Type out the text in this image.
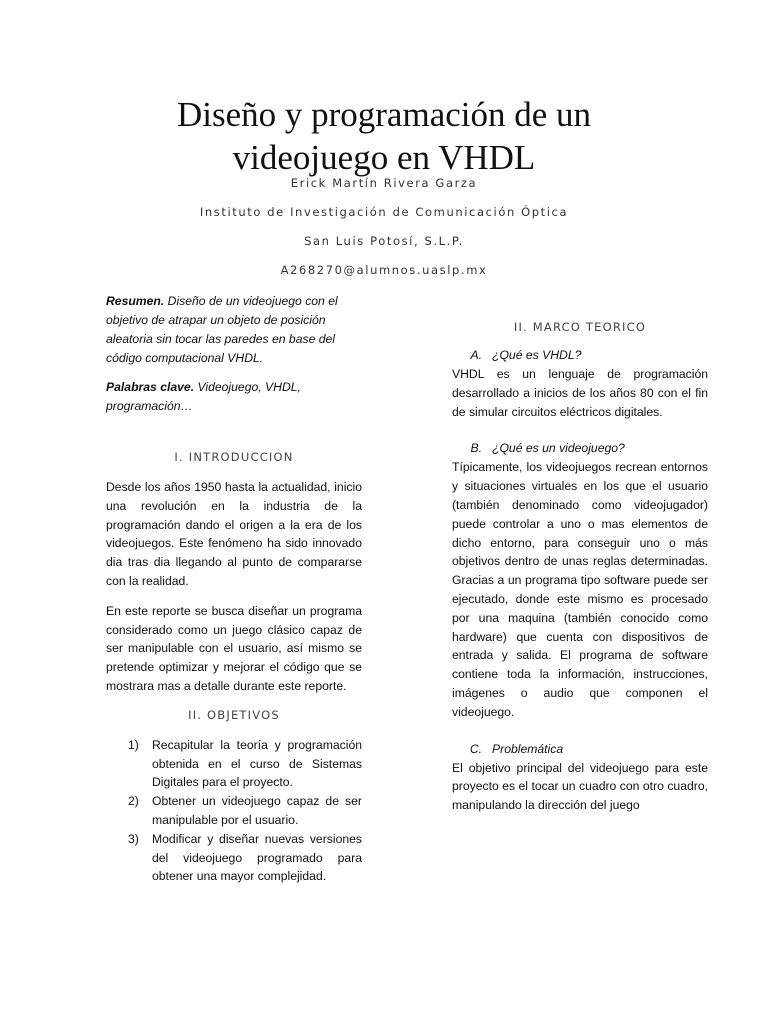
Diseño y programación de un
videojuego en VHDL
Erick Martín Rivera Garza
Instituto de Investigación de Comunicación Óptica
San Luis Potosí, S.L.P.
A268270@alumnos.uaslp.mx

Resumen. Diseño de un videojuego con el objetivo de atrapar un objeto de posición aleatoria sin tocar las paredes en base del código computacional VHDL.

Palabras clave. Videojuego, VHDL, programación…

I. INTRODUCCION

Desde los años 1950 hasta la actualidad, inicio una revolución en la industria de la programación dando el origen a la era de los videojuegos. Este fenómeno ha sido innovado dia tras dia llegando al punto de compararse con la realidad.

En este reporte se busca diseñar un programa considerado como un juego clásico capaz de ser manipulable con el usuario, así mismo se pretende optimizar y mejorar el código que se mostrara mas a detalle durante este reporte.

II. OBJETIVOS

1) Recapitular la teoría y programación obtenida en el curso de Sistemas Digitales para el proyecto.
2) Obtener un videojuego capaz de ser manipulable por el usuario.
3) Modificar y diseñar nuevas versiones del videojuego programado para obtener una mayor complejidad.

II. MARCO TEORICO

A. ¿Qué es VHDL?

VHDL es un lenguaje de programación desarrollado a inicios de los años 80 con el fin de simular circuitos eléctricos digitales.

B. ¿Qué es un videojuego?

Típicamente, los videojuegos recrean entornos y situaciones virtuales en los que el usuario (también denominado como videojugador) puede controlar a uno o mas elementos de dicho entorno, para conseguir uno o más objetivos dentro de unas reglas determinadas. Gracias a un programa tipo software puede ser ejecutado, donde este mismo es procesado por una maquina (también conocido como hardware) que cuenta con dispositivos de entrada y salida. El programa de software contiene toda la información, instrucciones, imágenes o audio que componen el videojuego.

C. Problemática

El objetivo principal del videojuego para este proyecto es el tocar un cuadro con otro cuadro, manipulando la dirección del juego
